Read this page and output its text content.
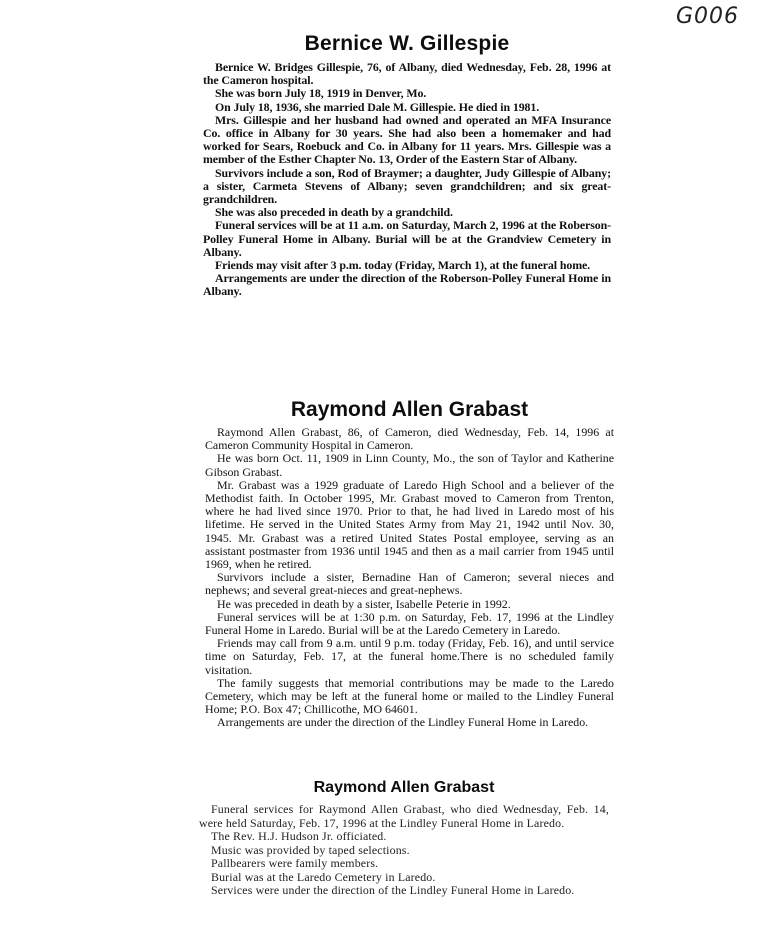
G006
Bernice W. Gillespie

Bernice W. Bridges Gillespie, 76, of Albany, died Wednesday, Feb. 28, 1996 at the Cameron hospital.

She was born July 18, 1919 in Denver, Mo.

On July 18, 1936, she married Dale M. Gillespie. He died in 1981.

Mrs. Gillespie and her husband had owned and operated an MFA Insurance Co. office in Albany for 30 years. She had also been a homemaker and had worked for Sears, Roebuck and Co. in Albany for 11 years. Mrs. Gillespie was a member of the Esther Chapter No. 13, Order of the Eastern Star of Albany.

Survivors include a son, Rod of Braymer; a daughter, Judy Gillespie of Albany; a sister, Carmeta Stevens of Albany; seven grandchildren; and six great-grandchildren.

She was also preceded in death by a grandchild.

Funeral services will be at 11 a.m. on Saturday, March 2, 1996 at the Roberson-Polley Funeral Home in Albany. Burial will be at the Grandview Cemetery in Albany.

Friends may visit after 3 p.m. today (Friday, March 1), at the funeral home.

Arrangements are under the direction of the Roberson-Polley Funeral Home in Albany.

Raymond Allen Grabast

Raymond Allen Grabast, 86, of Cameron, died Wednesday, Feb. 14, 1996 at Cameron Community Hospital in Cameron.

He was born Oct. 11, 1909 in Linn County, Mo., the son of Taylor and Katherine Gibson Grabast.

Mr. Grabast was a 1929 graduate of Laredo High School and a believer of the Methodist faith. In October 1995, Mr. Grabast moved to Cameron from Trenton, where he had lived since 1970. Prior to that, he had lived in Laredo most of his lifetime. He served in the United States Army from May 21, 1942 until Nov. 30, 1945. Mr. Grabast was a retired United States Postal employee, serving as an assistant postmaster from 1936 until 1945 and then as a mail carrier from 1945 until 1969, when he retired.

Survivors include a sister, Bernadine Han of Cameron; several nieces and nephews; and several great-nieces and great-nephews.

He was preceded in death by a sister, Isabelle Peterie in 1992.

Funeral services will be at 1:30 p.m. on Saturday, Feb. 17, 1996 at the Lindley Funeral Home in Laredo. Burial will be at the Laredo Cemetery in Laredo.

Friends may call from 9 a.m. until 9 p.m. today (Friday, Feb. 16), and until service time on Saturday, Feb. 17, at the funeral home.There is no scheduled family visitation.

The family suggests that memorial contributions may be made to the Laredo Cemetery, which may be left at the funeral home or mailed to the Lindley Funeral Home; P.O. Box 47; Chillicothe, MO 64601.

Arrangements are under the direction of the Lindley Funeral Home in Laredo.

Raymond Allen Grabast

Funeral services for Raymond Allen Grabast, who died Wednesday, Feb. 14, were held Saturday, Feb. 17, 1996 at the Lindley Funeral Home in Laredo.

The Rev. H.J. Hudson Jr. officiated.

Music was provided by taped selections.

Pallbearers were family members.

Burial was at the Laredo Cemetery in Laredo.

Services were under the direction of the Lindley Funeral Home in Laredo.
